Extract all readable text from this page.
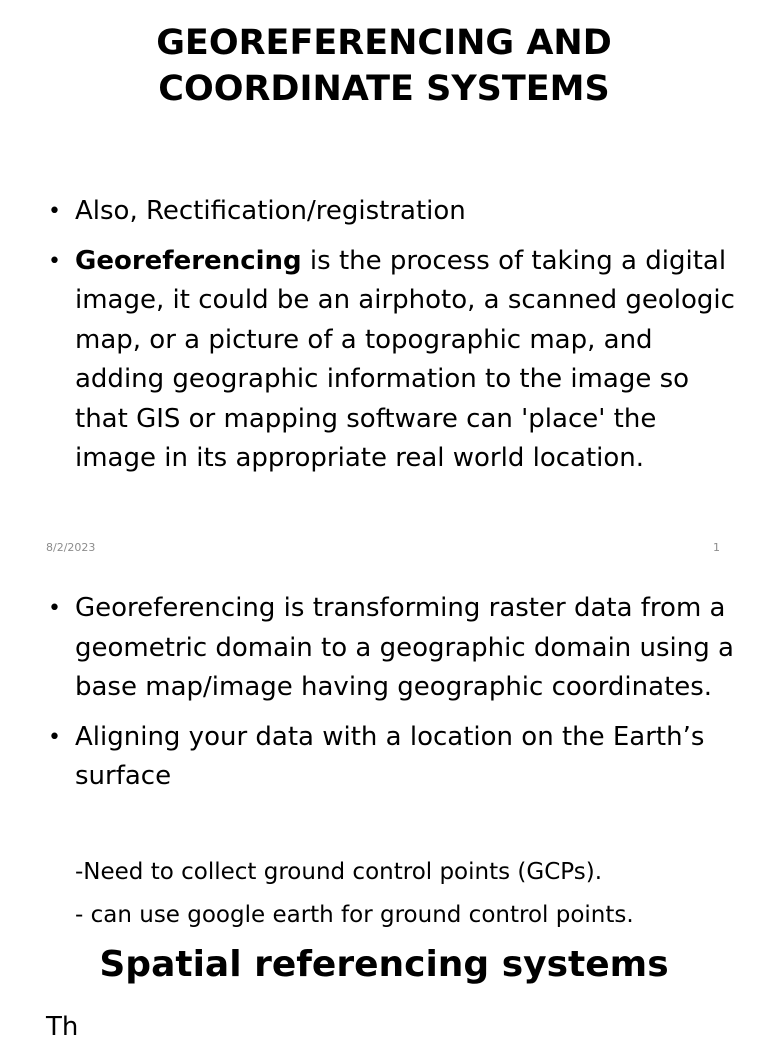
GEOREFERENCING AND
COORDINATE SYSTEMS
• Also, Rectification/registration
• Georeferencing is the process of taking a digital image, it could be an airphoto, a scanned geologic map, or a picture of a topographic map, and adding geographic information to the image so that GIS or mapping software can 'place' the image in its appropriate real world location.
8/2/2023	1
• Georeferencing is transforming raster data from a geometric domain to a geographic domain using a base map/image having geographic coordinates.
• Aligning your data with a location on the Earth’s surface
-Need to collect ground control points (GCPs).
- can use google earth for ground control points.
Spatial referencing systems
Th
